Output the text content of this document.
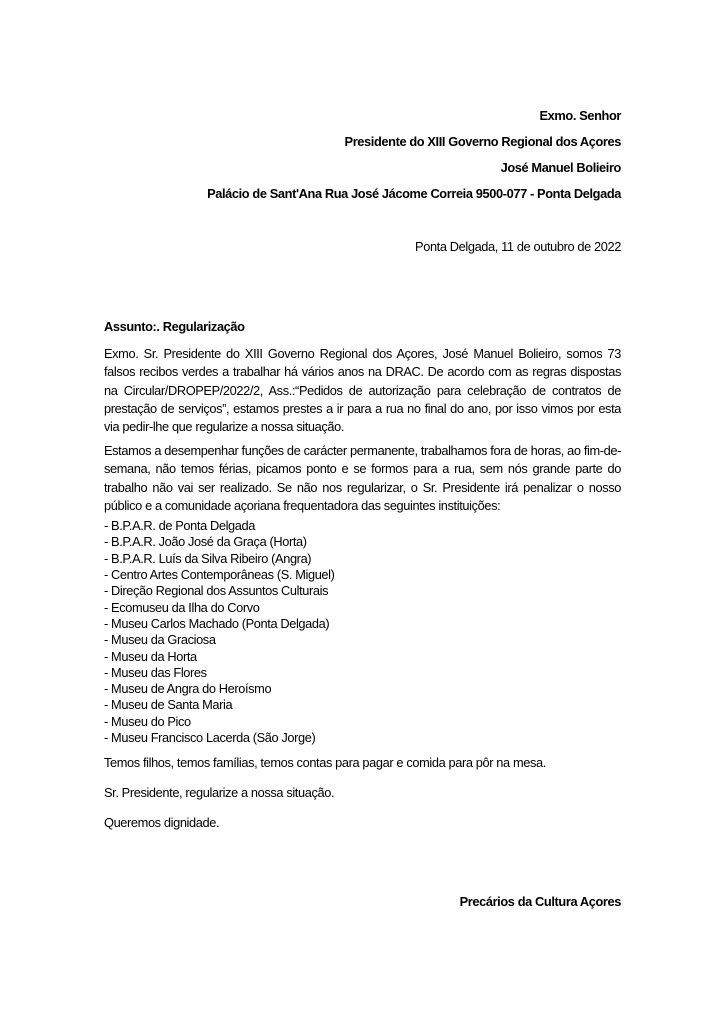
Exmo. Senhor
Presidente do XIII Governo Regional dos Açores
José Manuel Bolieiro
Palácio de Sant'Ana Rua José Jácome Correia 9500-077 - Ponta Delgada
Ponta Delgada, 11 de outubro de 2022
Assunto:. Regularização
Exmo. Sr. Presidente do XIII Governo Regional dos Açores, José Manuel Bolieiro, somos 73 falsos recibos verdes a trabalhar há vários anos na DRAC. De acordo com as regras dispostas na Circular/DROPEP/2022/2, Ass.:“Pedidos de autorização para celebração de contratos de prestação de serviços”, estamos prestes a ir para a rua no final do ano, por isso vimos por esta via pedir-lhe que regularize a nossa situação.
Estamos a desempenhar funções de carácter permanente, trabalhamos fora de horas, ao fim-de-semana, não temos férias, picamos ponto e se formos para a rua, sem nós grande parte do trabalho não vai ser realizado. Se não nos regularizar, o Sr. Presidente irá penalizar o nosso público e a comunidade açoriana frequentadora das seguintes instituições:
- B.P.A.R. de Ponta Delgada
- B.P.A.R. João José da Graça (Horta)
- B.P.A.R. Luís da Silva Ribeiro (Angra)
- Centro Artes Contemporâneas (S. Miguel)
- Direção Regional dos Assuntos Culturais
- Ecomuseu da Ilha do Corvo
- Museu Carlos Machado (Ponta Delgada)
- Museu da Graciosa
- Museu da Horta
- Museu das Flores
- Museu de Angra do Heroísmo
- Museu de Santa Maria
- Museu do Pico
- Museu Francisco Lacerda (São Jorge)
Temos filhos, temos famílias, temos contas para pagar e comida para pôr na mesa.
Sr. Presidente, regularize a nossa situação.
Queremos dignidade.
Precários da Cultura Açores
